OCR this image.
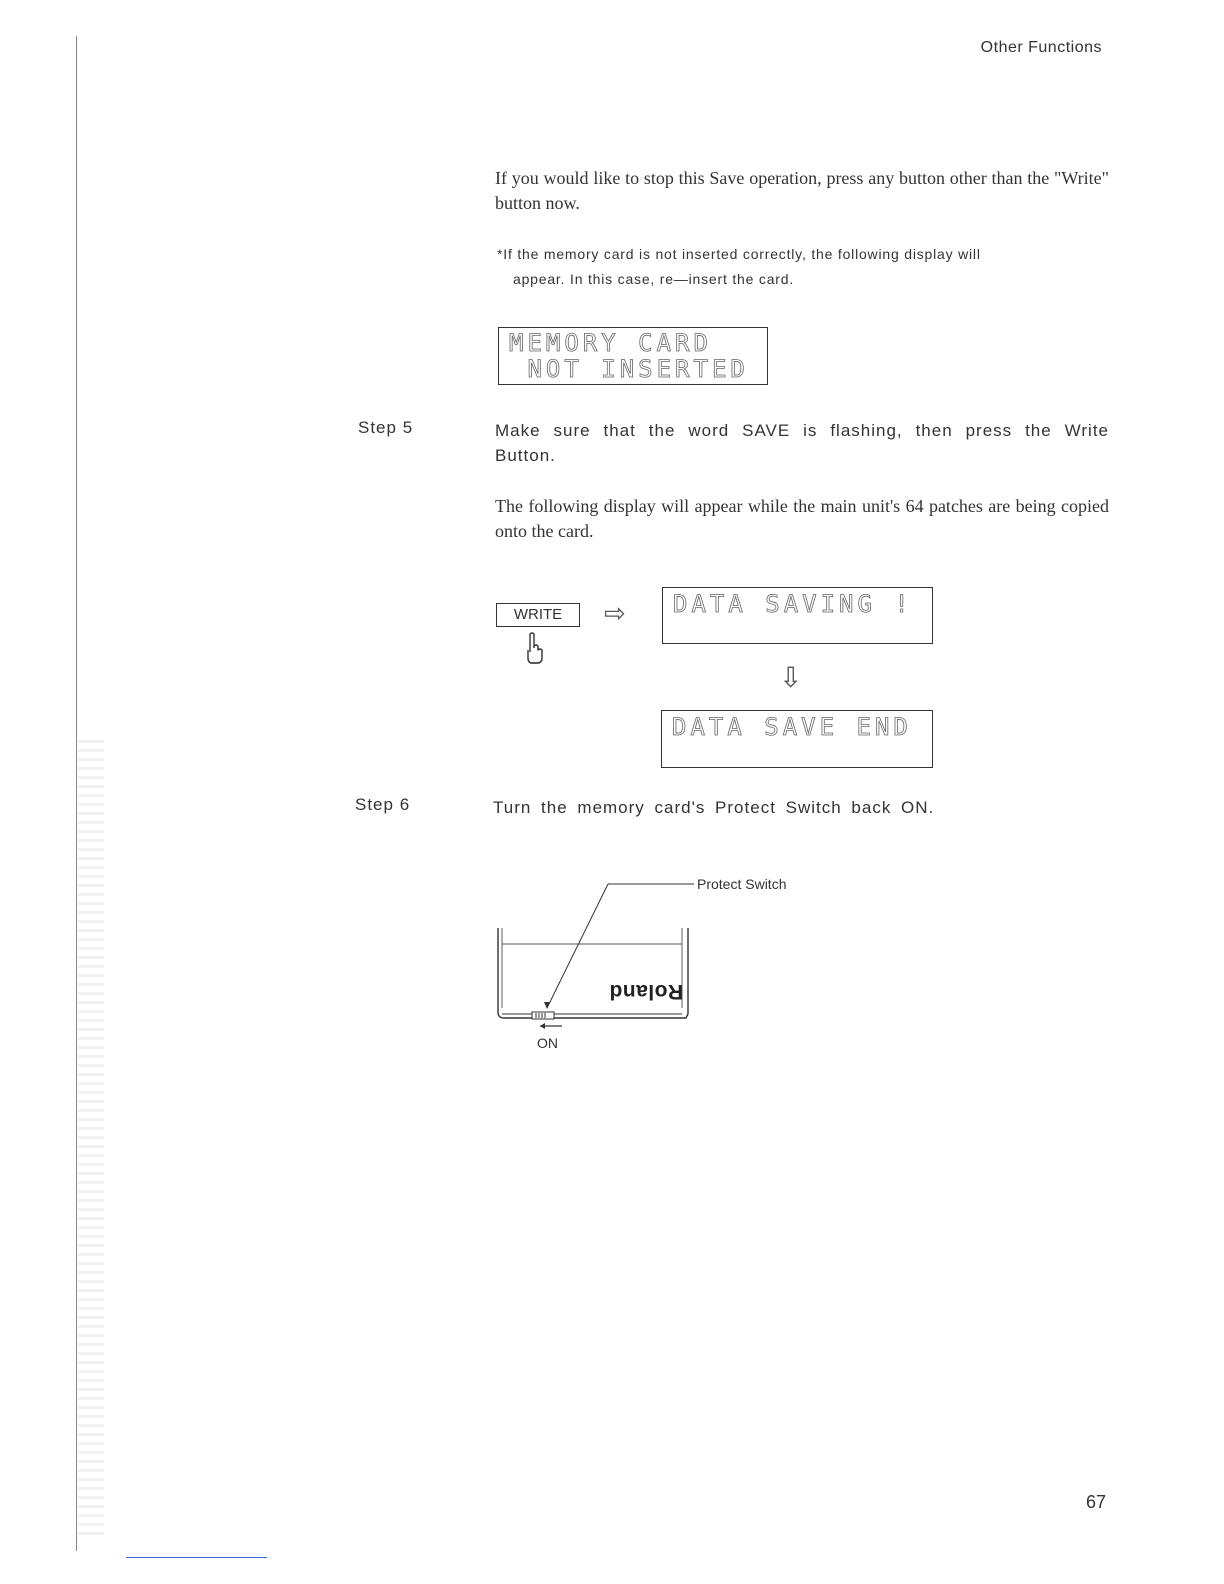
Other Functions
If you would like to stop this Save operation, press any button other than the "Write" button now.
*If the memory card is not inserted correctly, the following display will
appear. In this case, re—insert the card.
MEMORY CARD
NOT INSERTED
Step 5	Make sure that the word SAVE is flashing, then press the Write Button.
The following display will appear while the main unit's 64 patches are being copied onto the card.
WRITE	⇨ DATA SAVING !
⇩
DATA SAVE END
Step 6	Turn the memory card's Protect Switch back ON.
Protect Switch
ON
Roland
67
